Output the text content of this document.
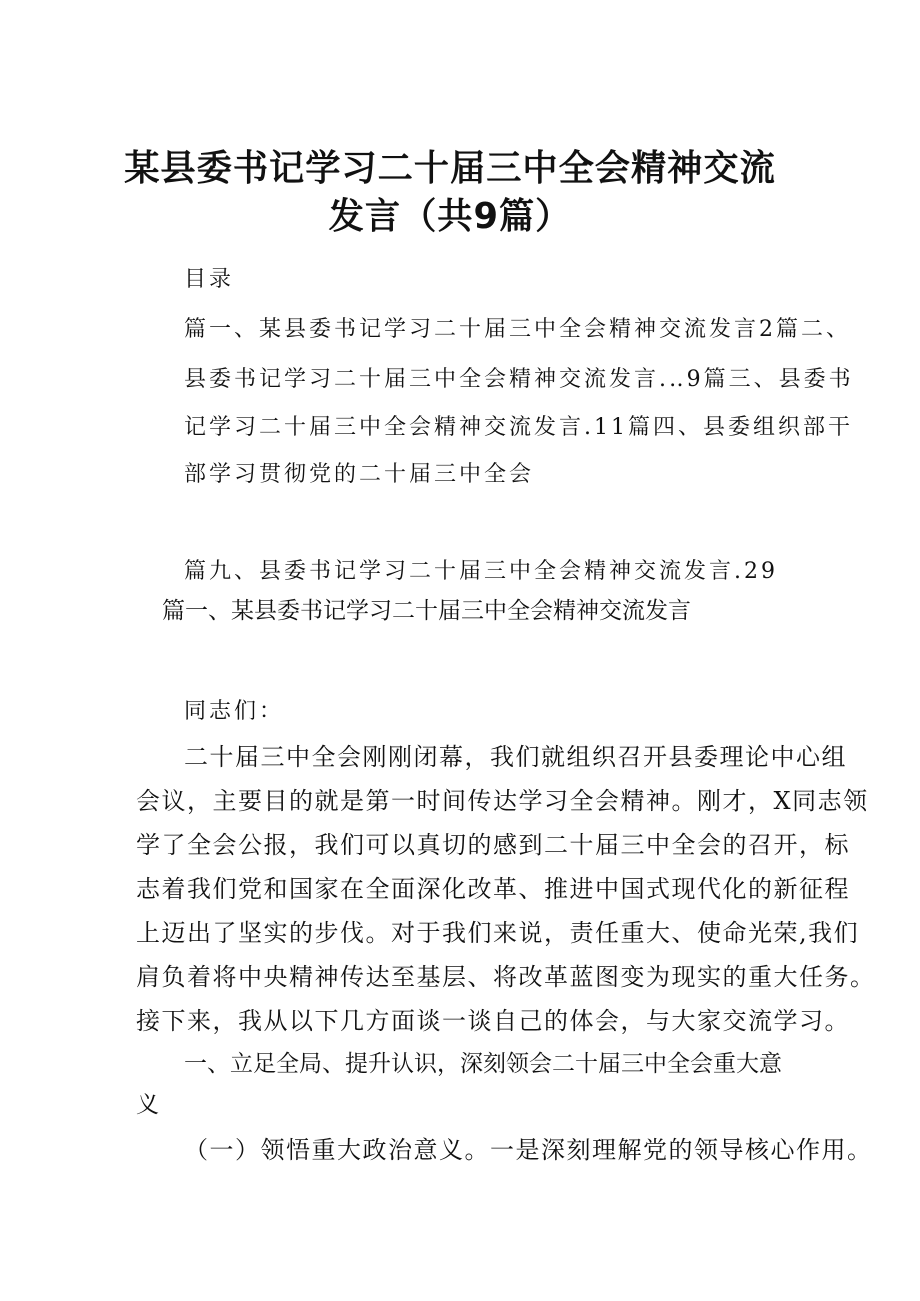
某县委书记学习二十届三中全会精神交流
发言（共9篇）

目录

篇一、某县委书记学习二十届三中全会精神交流发言2篇二、

县委书记学习二十届三中全会精神交流发言.‥9篇三、县委书

记学习二十届三中全会精神交流发言.11篇四、县委组织部干

部学习贯彻党的二十届三中全会

篇九、县委书记学习二十届三中全会精神交流发言.29

篇一、某县委书记学习二十届三中全会精神交流发言

同志们：

二十届三中全会刚刚闭幕，我们就组织召开县委理论中心组

会议，主要目的就是第一时间传达学习全会精神。刚才，X同志领

学了全会公报，我们可以真切的感到二十届三中全会的召开，标

志着我们党和国家在全面深化改革、推进中国式现代化的新征程

上迈出了坚实的步伐。对于我们来说，责任重大、使命光荣,我们

肩负着将中央精神传达至基层、将改革蓝图变为现实的重大任务。

接下来，我从以下几方面谈一谈自己的体会，与大家交流学习。

一、立足全局、提升认识，深刻领会二十届三中全会重大意
义

（一）领悟重大政治意义。一是深刻理解党的领导核心作用。
